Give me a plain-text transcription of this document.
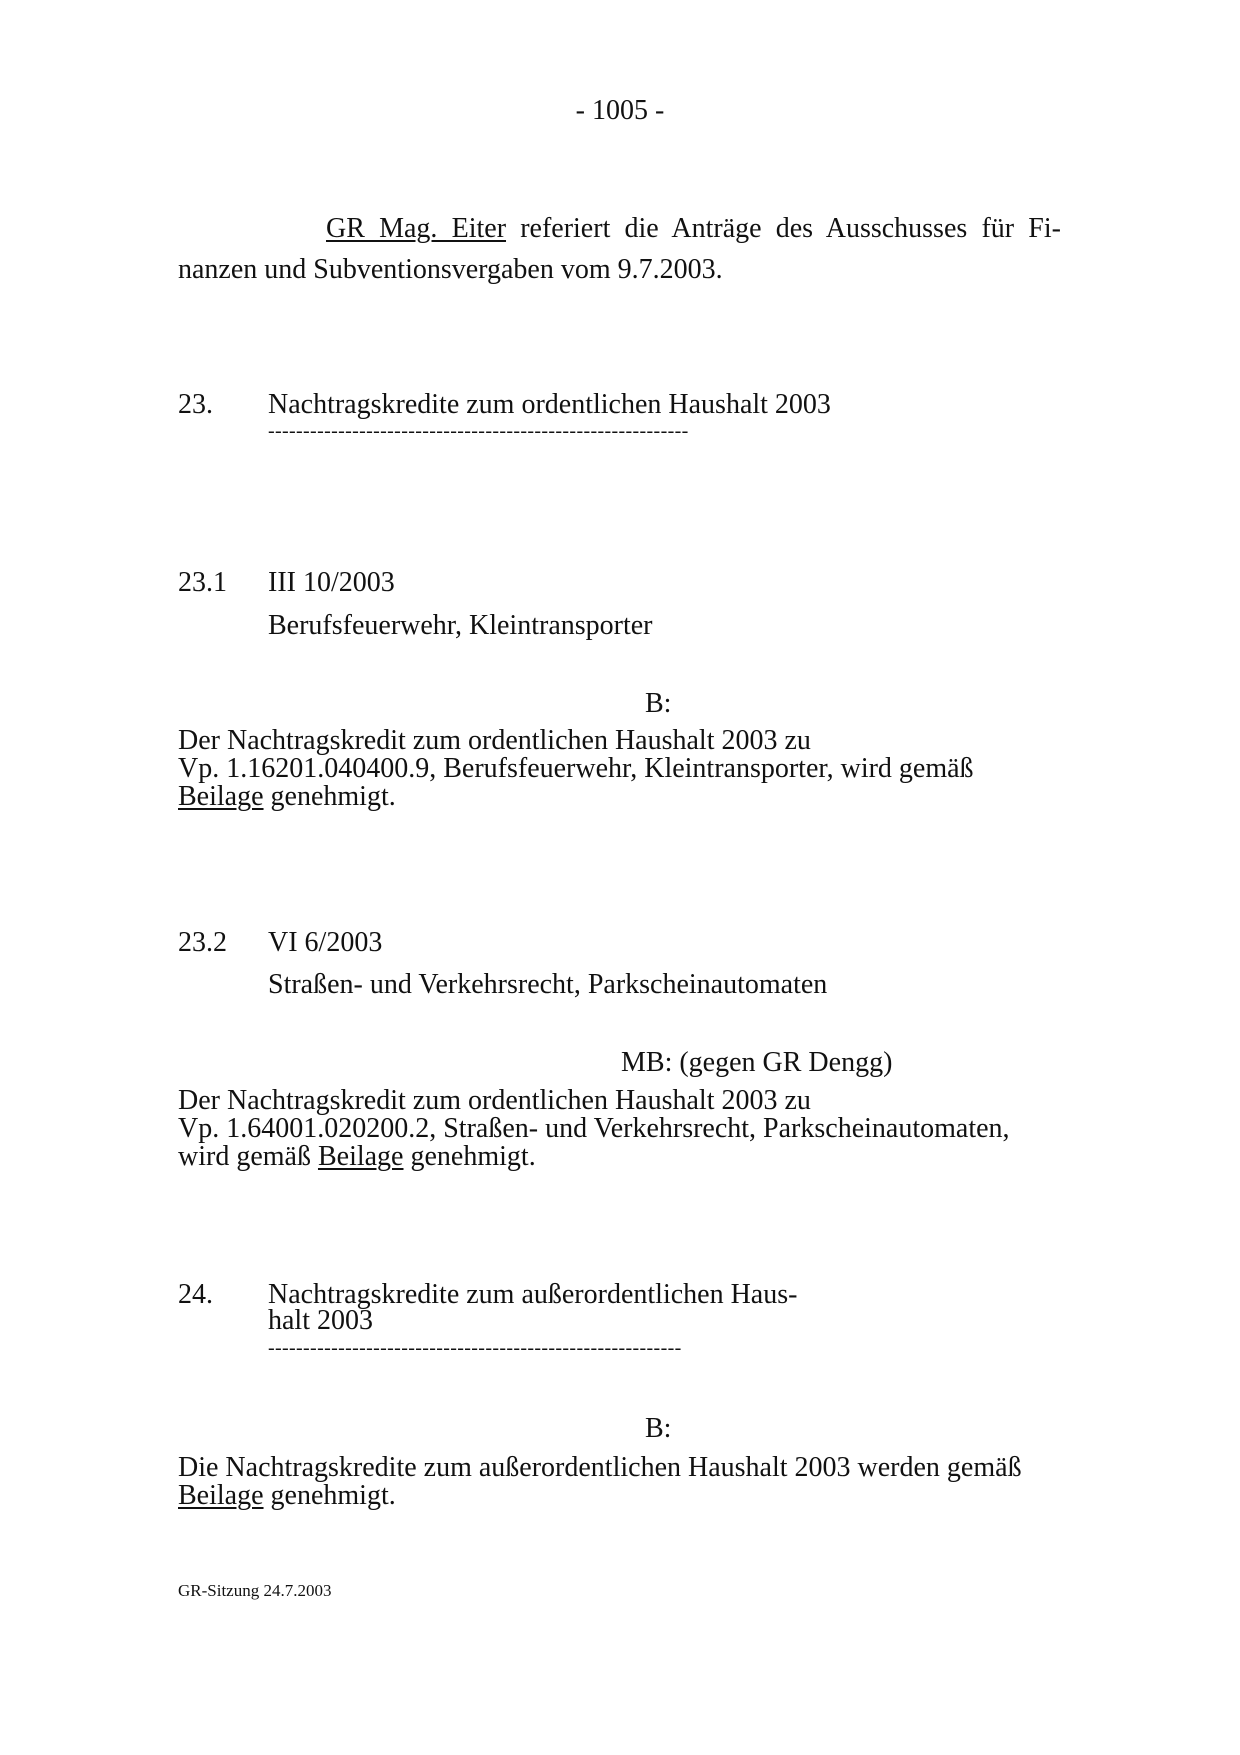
- 1005 -
GR Mag. Eiter referiert die Anträge des Ausschusses für Fi-
nanzen und Subventionsvergaben vom 9.7.2003.
23. Nachtragskredite zum ordentlichen Haushalt 2003
------------------------------------------------------------
23.1 III 10/2003
Berufsfeuerwehr, Kleintransporter
B:
Der Nachtragskredit zum ordentlichen Haushalt 2003 zu
Vp. 1.16201.040400.9, Berufsfeuerwehr, Kleintransporter, wird gemäß
Beilage genehmigt.
23.2 VI 6/2003
Straßen- und Verkehrsrecht, Parkscheinautomaten
MB: (gegen GR Dengg)
Der Nachtragskredit zum ordentlichen Haushalt 2003 zu
Vp. 1.64001.020200.2, Straßen- und Verkehrsrecht, Parkscheinautomaten,
wird gemäß Beilage genehmigt.
24. Nachtragskredite zum außerordentlichen Haus-
halt 2003
-----------------------------------------------------------
B:
Die Nachtragskredite zum außerordentlichen Haushalt 2003 werden gemäß
Beilage genehmigt.
GR-Sitzung 24.7.2003
